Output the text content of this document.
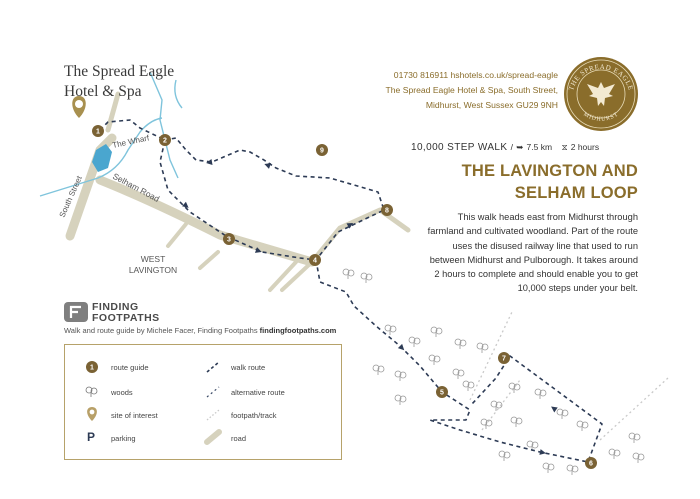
1
2
3
4
5
6
7
8
9
The Wharf
South Street	Selham Road
WEST
LAVINGTON
THE SPREAD EAGLE
MIDHURST
The Spread Eagle
Hotel & Spa
01730 816911 hshotels.co.uk/spread-eagle
The Spread Eagle Hotel & Spa, South Street,
Midhurst, West Sussex GU29 9NH
10,000 STEP WALK / ➥ 7.5 km ⧖ 2 hours
THE LAVINGTON AND
SELHAM LOOP
This walk heads east from Midhurst through farmland and cultivated woodland. Part of the route uses the disused railway line that used to run between Midhurst and Pulborough. It takes around 2 hours to complete and should enable you to get 10,000 steps under your belt.
FINDING
FOOTPATHS
Walk and route guide by Michele Facer, Finding Footpaths findingfootpaths.com
1 route guide
woods
site of interest
P parking
walk route
alternative route
footpath/track
road
